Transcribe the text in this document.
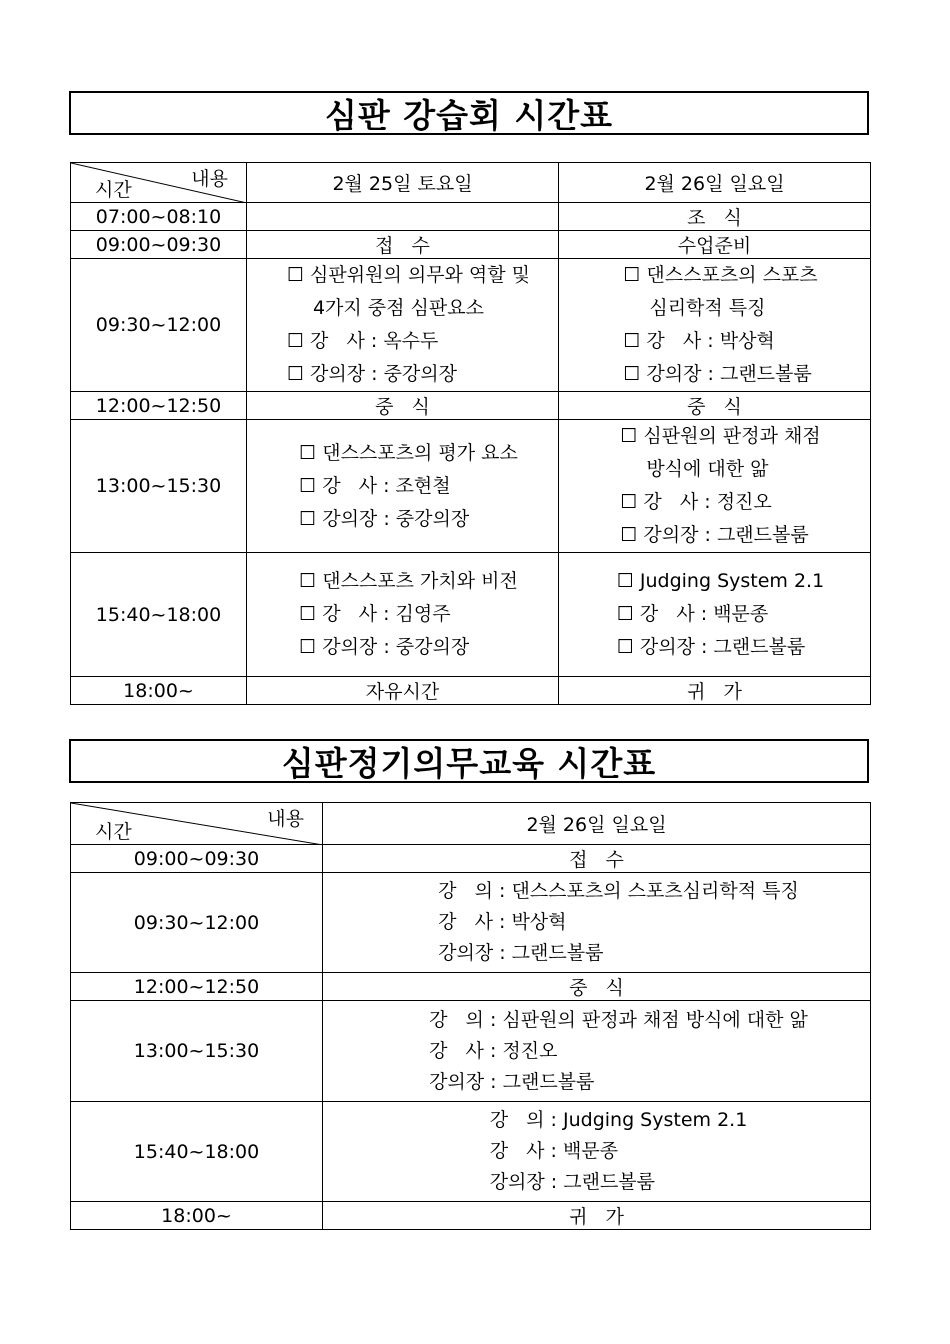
심판 강습회 시간표
내용
시간	2월 25일 토요일	2월 26일 일요일
07:00~08:10		조   식
09:00~09:30	접   수	수업준비
09:30~12:00	☐ 심판위원의 의무와 역할 및
4가지 중점 심판요소
☐ 강   사 : 옥수두
☐ 강의장 : 중강의장	☐ 댄스스포츠의 스포츠
심리학적 특징
☐ 강   사 : 박상혁
☐ 강의장 : 그랜드볼룸

12:00~12:50	중   식	중   식
13:00~15:30	☐ 댄스스포츠의 평가 요소
☐ 강   사 : 조현철
☐ 강의장 : 중강의장	☐ 심판원의 판정과 채점
방식에 대한 앎
☐ 강   사 : 정진오
☐ 강의장 : 그랜드볼룸

15:40~18:00	☐ 댄스스포츠 가치와 비전
☐ 강   사 : 김영주
☐ 강의장 : 중강의장	☐ Judging System 2.1
☐ 강   사 : 백문종
☐ 강의장 : 그랜드볼룸

18:00~	자유시간	귀   가
심판정기의무교육 시간표
내용
시간	2월 26일 일요일
09:00~09:30	접   수
09:30~12:00	강   의 : 댄스스포츠의 스포츠심리학적 특징
강   사 : 박상혁
강의장 : 그랜드볼룸

12:00~12:50	중   식
13:00~15:30	강   의 : 심판원의 판정과 채점 방식에 대한 앎
강   사 : 정진오
강의장 : 그랜드볼룸

15:40~18:00	강   의 : Judging System 2.1
강   사 : 백문종
강의장 : 그랜드볼룸

18:00~	귀   가
